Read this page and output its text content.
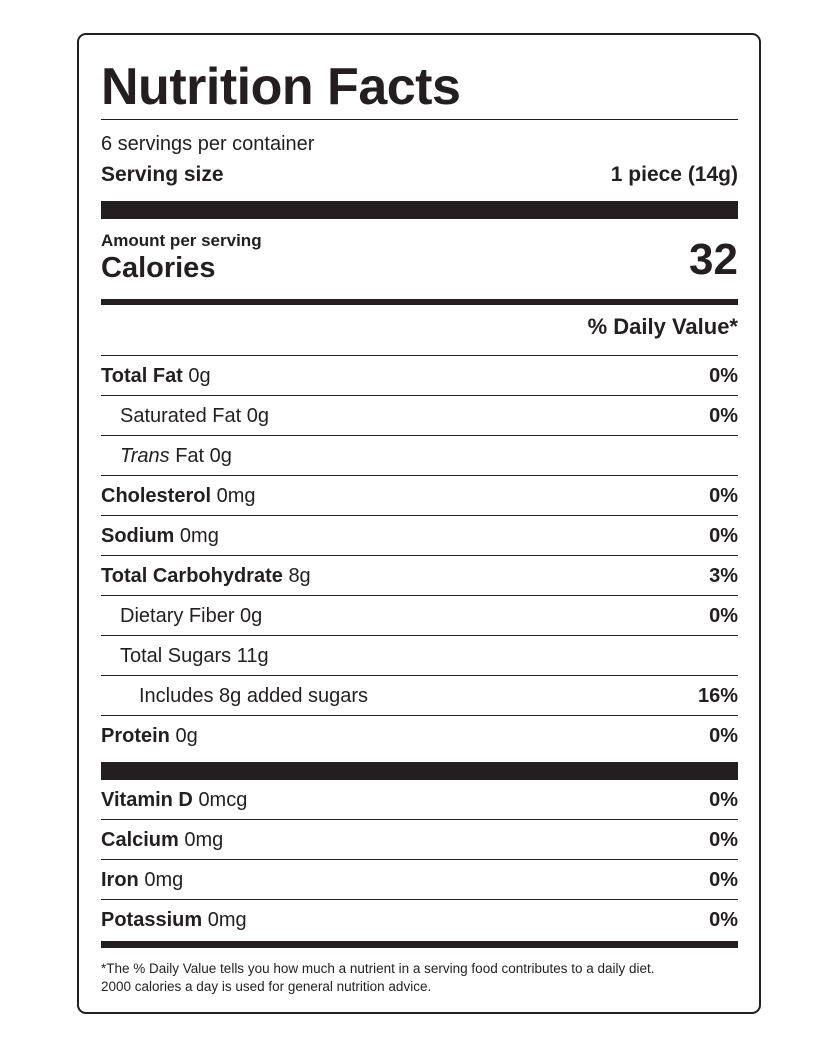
Nutrition Facts
6 servings per container
Serving size	1 piece (14g)
Amount per serving
Calories	32
% Daily Value*
Total Fat 0g	0%
Saturated Fat 0g	0%
Trans Fat 0g
Cholesterol 0mg	0%
Sodium 0mg	0%
Total Carbohydrate 8g	3%
Dietary Fiber 0g	0%
Total Sugars 11g
Includes 8g added sugars	16%
Protein 0g	0%
Vitamin D 0mcg	0%
Calcium 0mg	0%
Iron 0mg	0%
Potassium 0mg	0%
*The % Daily Value tells you how much a nutrient in a serving food contributes to a daily diet.
2000 calories a day is used for general nutrition advice.
